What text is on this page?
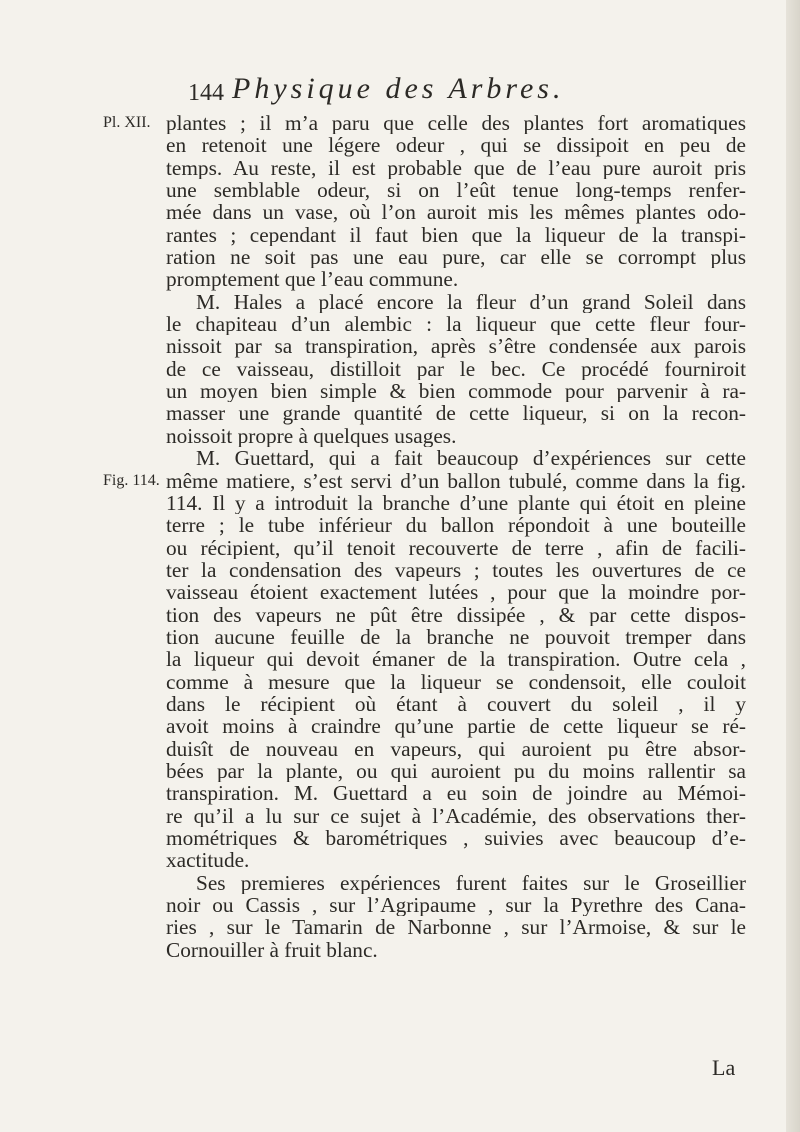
144 Physique des Arbres.
Pl. XII.
Fig. 114.
plantes ; il m’a paru que celle des plantes fort aromatiques
en retenoit une légere odeur , qui se dissipoit en peu de
temps. Au reste, il est probable que de l’eau pure auroit pris
une semblable odeur, si on l’eût tenue long-temps renfer-
mée dans un vase, où l’on auroit mis les mêmes plantes odo-
rantes ; cependant il faut bien que la liqueur de la transpi-
ration ne soit pas une eau pure, car elle se corrompt plus
promptement que l’eau commune.
M. Hales a placé encore la fleur d’un grand Soleil dans
le chapiteau d’un alembic : la liqueur que cette fleur four-
nissoit par sa transpiration, après s’être condensée aux parois
de ce vaisseau, distilloit par le bec. Ce procédé fourniroit
un moyen bien simple & bien commode pour parvenir à ra-
masser une grande quantité de cette liqueur, si on la recon-
noissoit propre à quelques usages.
M. Guettard, qui a fait beaucoup d’expériences sur cette
même matiere, s’est servi d’un ballon tubulé, comme dans la fig.
114. Il y a introduit la branche d’une plante qui étoit en pleine
terre ; le tube inférieur du ballon répondoit à une bouteille
ou récipient, qu’il tenoit recouverte de terre , afin de facili-
ter la condensation des vapeurs ; toutes les ouvertures de ce
vaisseau étoient exactement lutées , pour que la moindre por-
tion des vapeurs ne pût être dissipée , & par cette dispos-
tion aucune feuille de la branche ne pouvoit tremper dans
la liqueur qui devoit émaner de la transpiration. Outre cela ,
comme à mesure que la liqueur se condensoit, elle couloit
dans le récipient où étant à couvert du soleil , il y
avoit moins à craindre qu’une partie de cette liqueur se ré-
duisît de nouveau en vapeurs, qui auroient pu être absor-
bées par la plante, ou qui auroient pu du moins rallentir sa
transpiration. M. Guettard a eu soin de joindre au Mémoi-
re qu’il a lu sur ce sujet à l’Académie, des observations ther-
mométriques & barométriques , suivies avec beaucoup d’e-
xactitude.
Ses premieres expériences furent faites sur le Groseillier
noir ou Cassis , sur l’Agripaume , sur la Pyrethre des Cana-
ries , sur le Tamarin de Narbonne , sur l’Armoise, & sur le
Cornouiller à fruit blanc.
La
